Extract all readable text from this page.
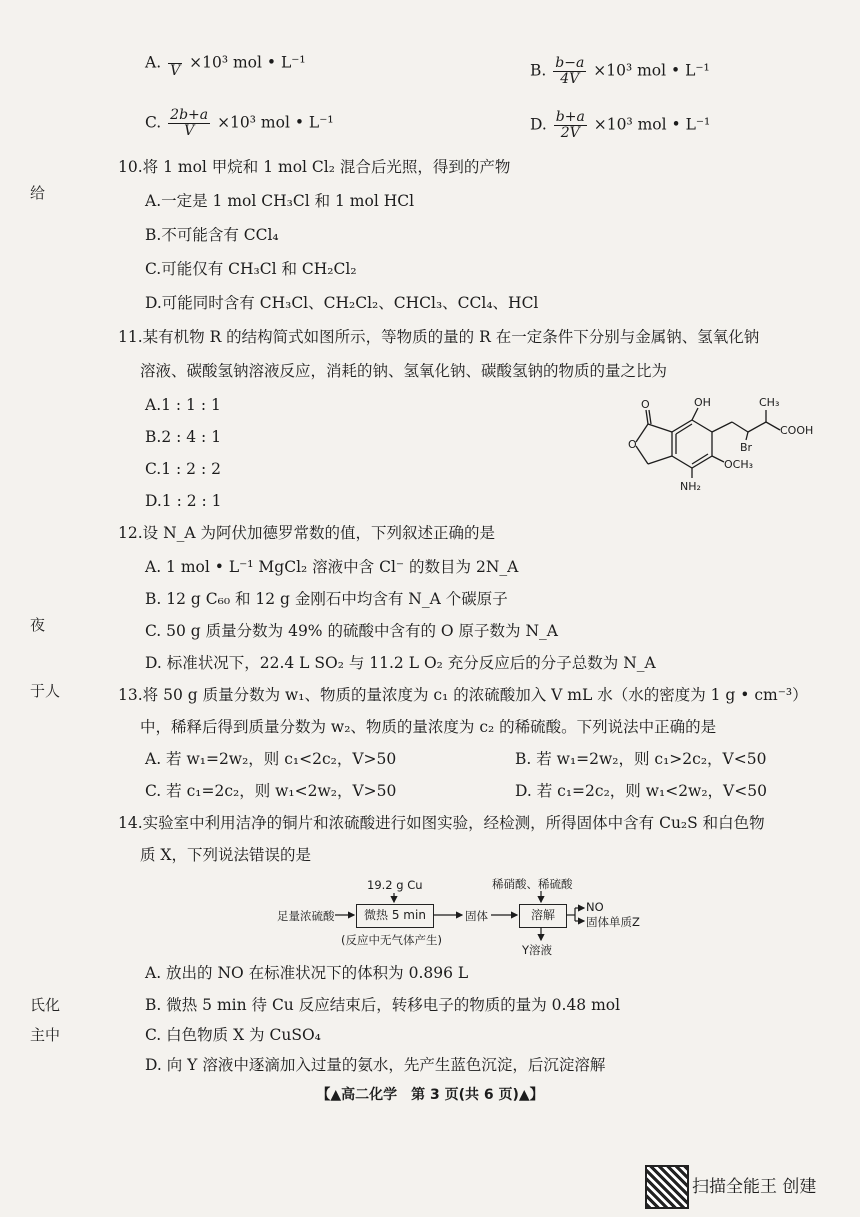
给
夜
于人
氏化
主中
A.
V ×10³ mol • L⁻¹	B. $\frac{b-a}{4V} \times 10^3$ mol • L⁻¹
C. $\frac{2b+a}{V} \times 10^3$ mol • L⁻¹	D. $\frac{b+a}{2V} \times 10^3$ mol • L⁻¹
10.将 1 mol 甲烷和 1 mol Cl₂ 混合后光照，得到的产物
A.一定是 1 mol CH₃Cl 和 1 mol HCl
B.不可能含有 CCl₄
C.可能仅有 CH₃Cl 和 CH₂Cl₂
D.可能同时含有 CH₃Cl、CH₂Cl₂、CHCl₃、CCl₄、HCl
11.某有机物 R 的结构简式如图所示，等物质的量的 R 在一定条件下分别与金属钠、氢氧化钠
溶液、碳酸氢钠溶液反应，消耗的钠、氢氧化钠、碳酸氢钠的物质的量之比为
A.1 : 1 : 1
B.2 : 4 : 1
C.1 : 2 : 2
D.1 : 2 : 1
O	OH	CH₃
Br
COOH
O
OCH₃
NH₂
12.设 N_A 为阿伏加德罗常数的值，下列叙述正确的是
A. 1 mol • L⁻¹ MgCl₂ 溶液中含 Cl⁻ 的数目为 2N_A
B. 12 g C₆₀ 和 12 g 金刚石中均含有 N_A 个碳原子
C. 50 g 质量分数为 49% 的硫酸中含有的 O 原子数为 N_A
D. 标准状况下，22.4 L SO₂ 与 11.2 L O₂ 充分反应后的分子总数为 N_A
13.将 50 g 质量分数为 w₁、物质的量浓度为 c₁ 的浓硫酸加入 V mL 水（水的密度为 1 g • cm⁻³）
中，稀释后得到质量分数为 w₂、物质的量浓度为 c₂ 的稀硫酸。下列说法中正确的是
A. 若 w₁=2w₂，则 c₁<2c₂，V>50	B. 若 w₁=2w₂，则 c₁>2c₂，V<50
C. 若 c₁=2c₂，则 w₁<2w₂，V>50	D. 若 c₁=2c₂，则 w₁<2w₂，V<50
14.实验室中利用洁净的铜片和浓硫酸进行如图实验，经检测，所得固体中含有 Cu₂S 和白色物
质 X，下列说法错误的是
19.2 g Cu
足量浓硫酸	微热 5 min
(反应中无气体产生)
固体
稀硝酸、稀硫酸
溶解
NO
固体单质Z
Y溶液
A. 放出的 NO 在标准状况下的体积为 0.896 L
B. 微热 5 min 待 Cu 反应结束后，转移电子的物质的量为 0.48 mol
C. 白色物质 X 为 CuSO₄
D. 向 Y 溶液中逐滴加入过量的氨水，先产生蓝色沉淀，后沉淀溶解
【▲高二化学　第 3 页(共 6 页)▲】
扫描全能王 创建
